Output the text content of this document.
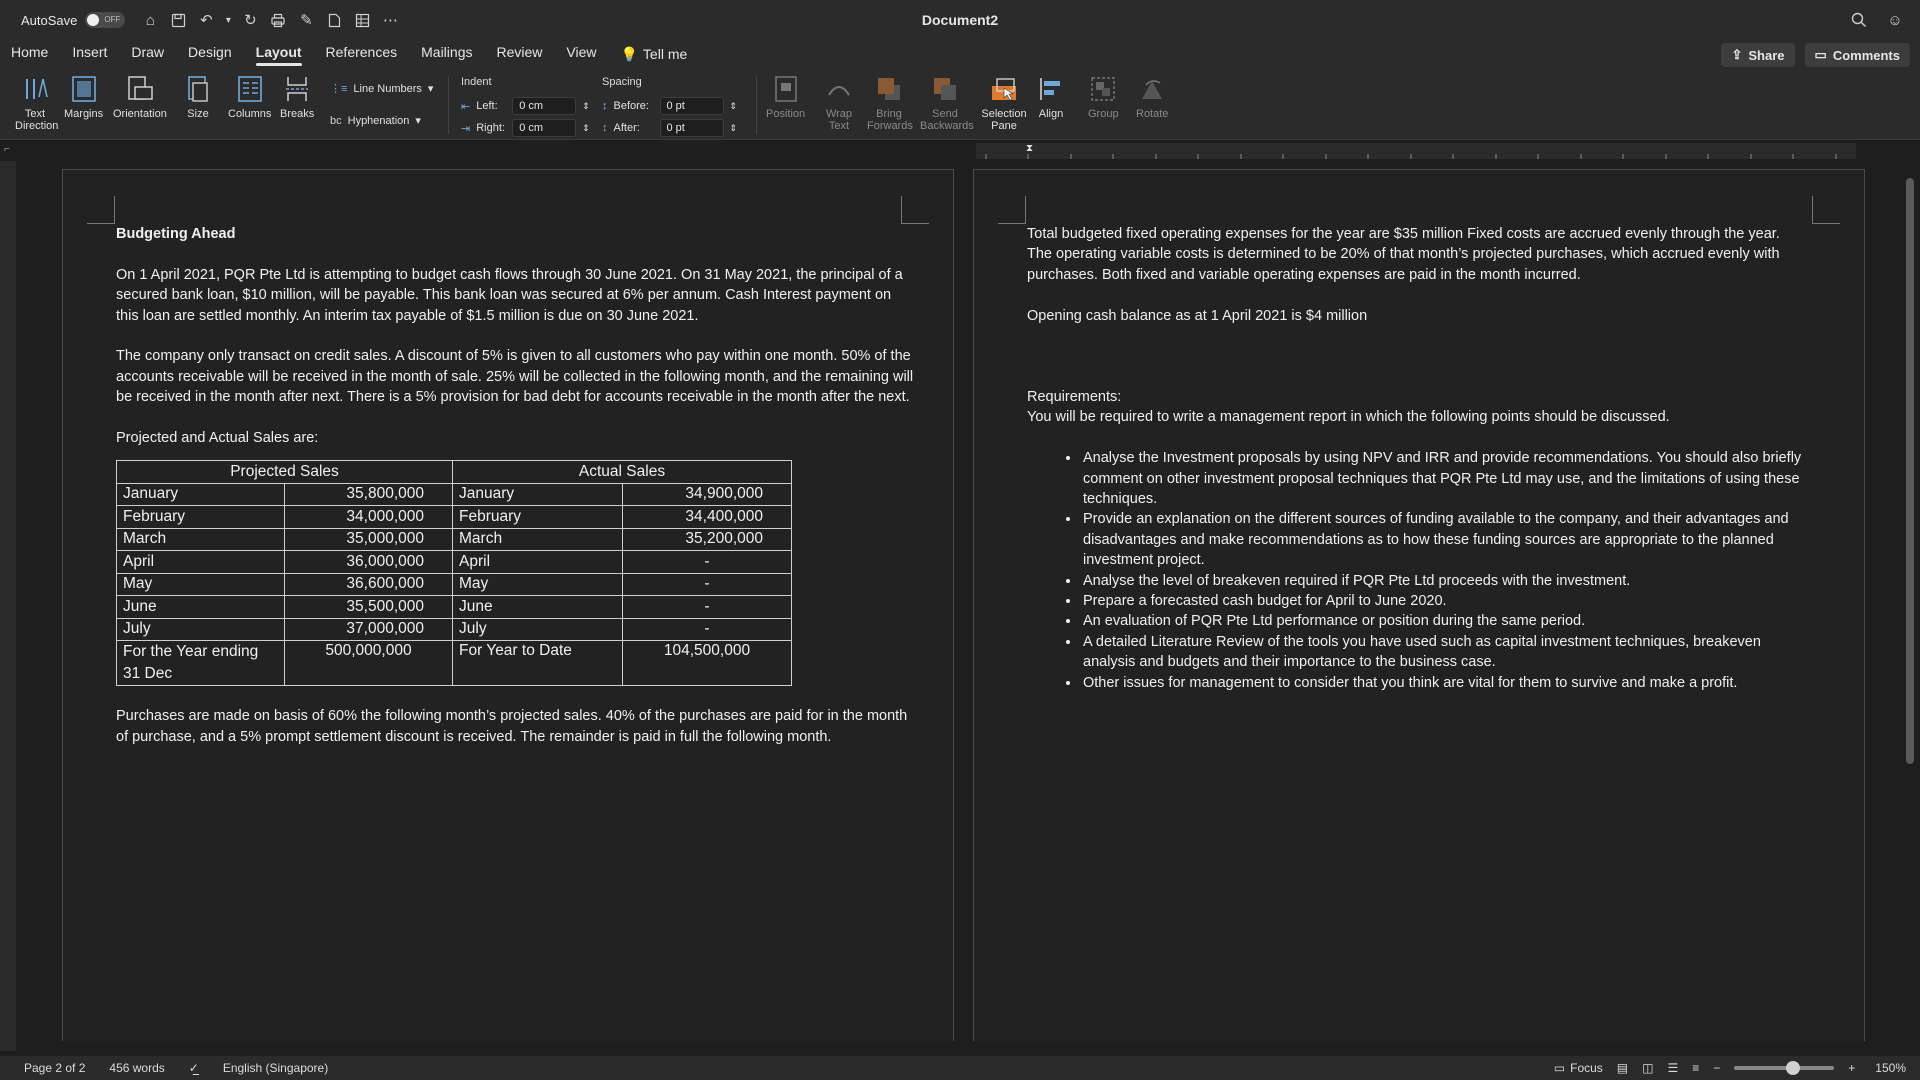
AutoSave	OFF	⌂	↶	▾ ↻	✎	⋯	Document2	☺
Home	Insert	Draw	Design	Layout	References	Mailings	Review	View	💡 Tell me	⇪ Share ▭ Comments
Text Direction
Margins Orientation Size Columns Breaks
⋮≡ Line Numbers ▾
bc Hyphenation ▾
Indent
⇤ Left:	0 cm	⇕
⇥ Right:	0 cm	⇕
Spacing
↕ Before:	0 pt	⇕
↕ After:	0 pt	⇕
Position Wrap Text
Bring Forwards
Send Backwards
Selection Pane
Align Group Rotate
⌐	⧗

Budgeting Ahead

On 1 April 2021, PQR Pte Ltd is attempting to budget cash flows through 30 June 2021. On 31 May 2021, the principal of a secured bank loan, $10 million, will be payable. This bank loan was secured at 6% per annum. Cash Interest payment on this loan are settled monthly. An interim tax payable of $1.5 million is due on 30 June 2021.

The company only transact on credit sales. A discount of 5% is given to all customers who pay within one month. 50% of the accounts receivable will be received in the month of sale. 25% will be collected in the following month, and the remaining will be received in the month after next. There is a 5% provision for bad debt for accounts receivable in the month after the next.

Projected and Actual Sales are:

Projected Sales		Actual Sales	
January	35,800,000	January	34,900,000
February	34,000,000	February	34,400,000
March	35,000,000	March	35,200,000
April	36,000,000	April	-
May	36,600,000	May	-
June	35,500,000	June	-
July	37,000,000	July	-
For the Year ending 31 Dec	500,000,000	For Year to Date	104,500,000

Purchases are made on basis of 60% the following month’s projected sales. 40% of the purchases are paid for in the month of purchase, and a 5% prompt settlement discount is received. The remainder is paid in full the following month.

Total budgeted fixed operating expenses for the year are $35 million Fixed costs are accrued evenly through the year. The operating variable costs is determined to be 20% of that month’s projected purchases, which accrued evenly with purchases. Both fixed and variable operating expenses are paid in the month incurred.

Opening cash balance as at 1 April 2021 is $4 million

Requirements:

You will be required to write a management report in which the following points should be discussed.

• Analyse the Investment proposals by using NPV and IRR and provide recommendations. You should also briefly comment on other investment proposal techniques that PQR Pte Ltd may use, and the limitations of using these techniques.
• Provide an explanation on the different sources of funding available to the company, and their advantages and disadvantages and make recommendations as to how these funding sources are appropriate to the planned investment project.
• Analyse the level of breakeven required if PQR Pte Ltd proceeds with the investment.
• Prepare a forecasted cash budget for April to June 2020.
• An evaluation of PQR Pte Ltd performance or position during the same period.
• A detailed Literature Review of the tools you have used such as capital investment techniques, breakeven analysis and budgets and their importance to the business case.
• Other issues for management to consider that you think are vital for them to survive and make a profit.
Page 2 of 2 456 words ✓̲ English (Singapore)	▭ Focus ▤ ◫ ☰ ≡ −	+ 150%
